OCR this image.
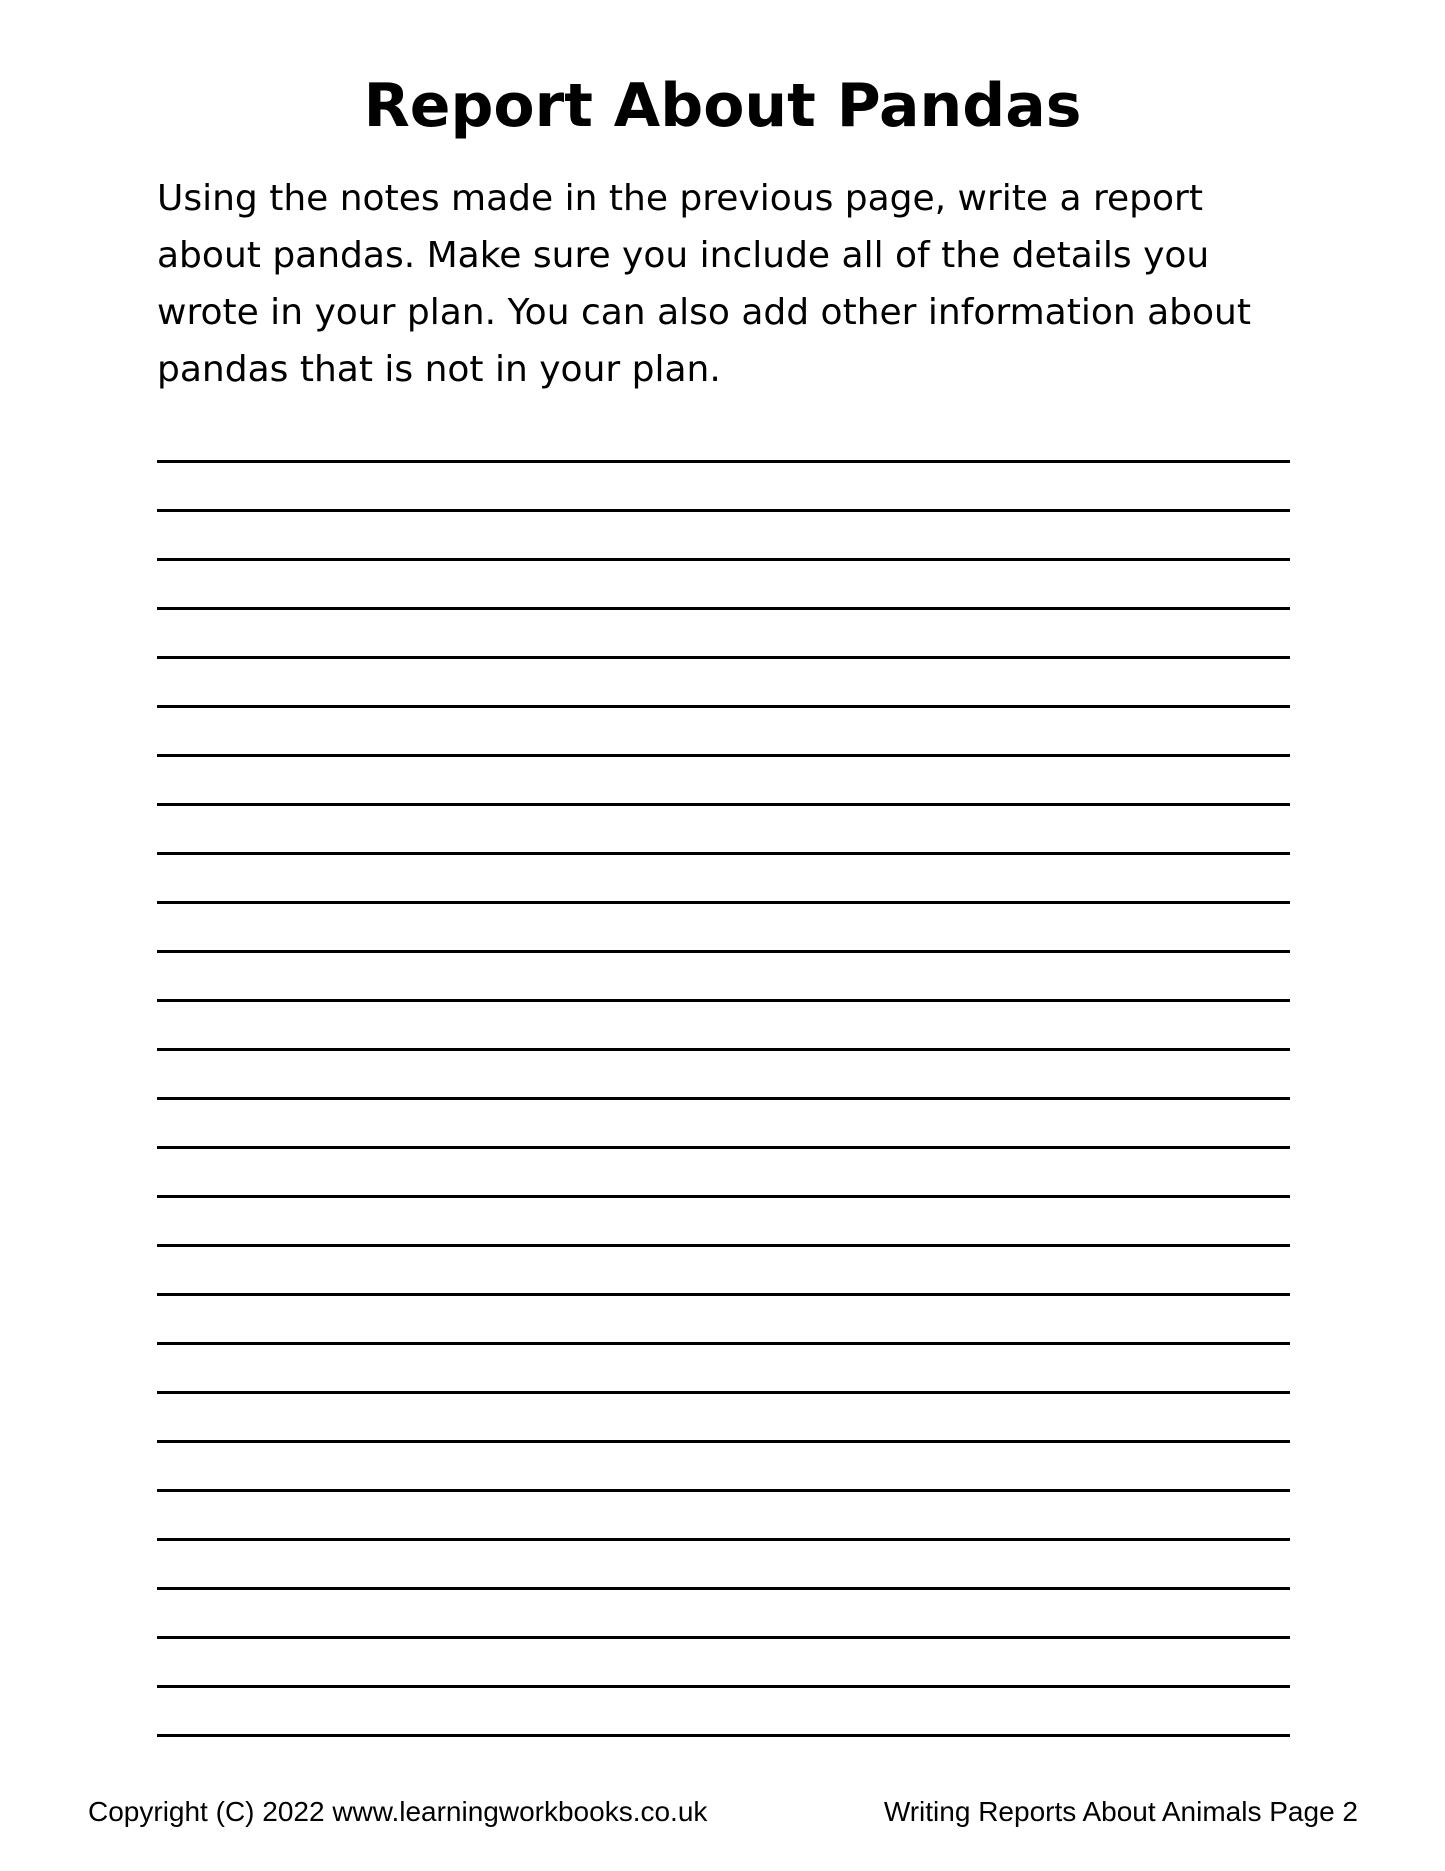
Report About Pandas
Using the notes made in the previous page, write a report
about pandas. Make sure you include all of the details you
wrote in your plan. You can also add other information about
pandas that is not in your plan.
Copyright (C) 2022 www.learningworkbooks.co.uk	Writing Reports About Animals Page 2
